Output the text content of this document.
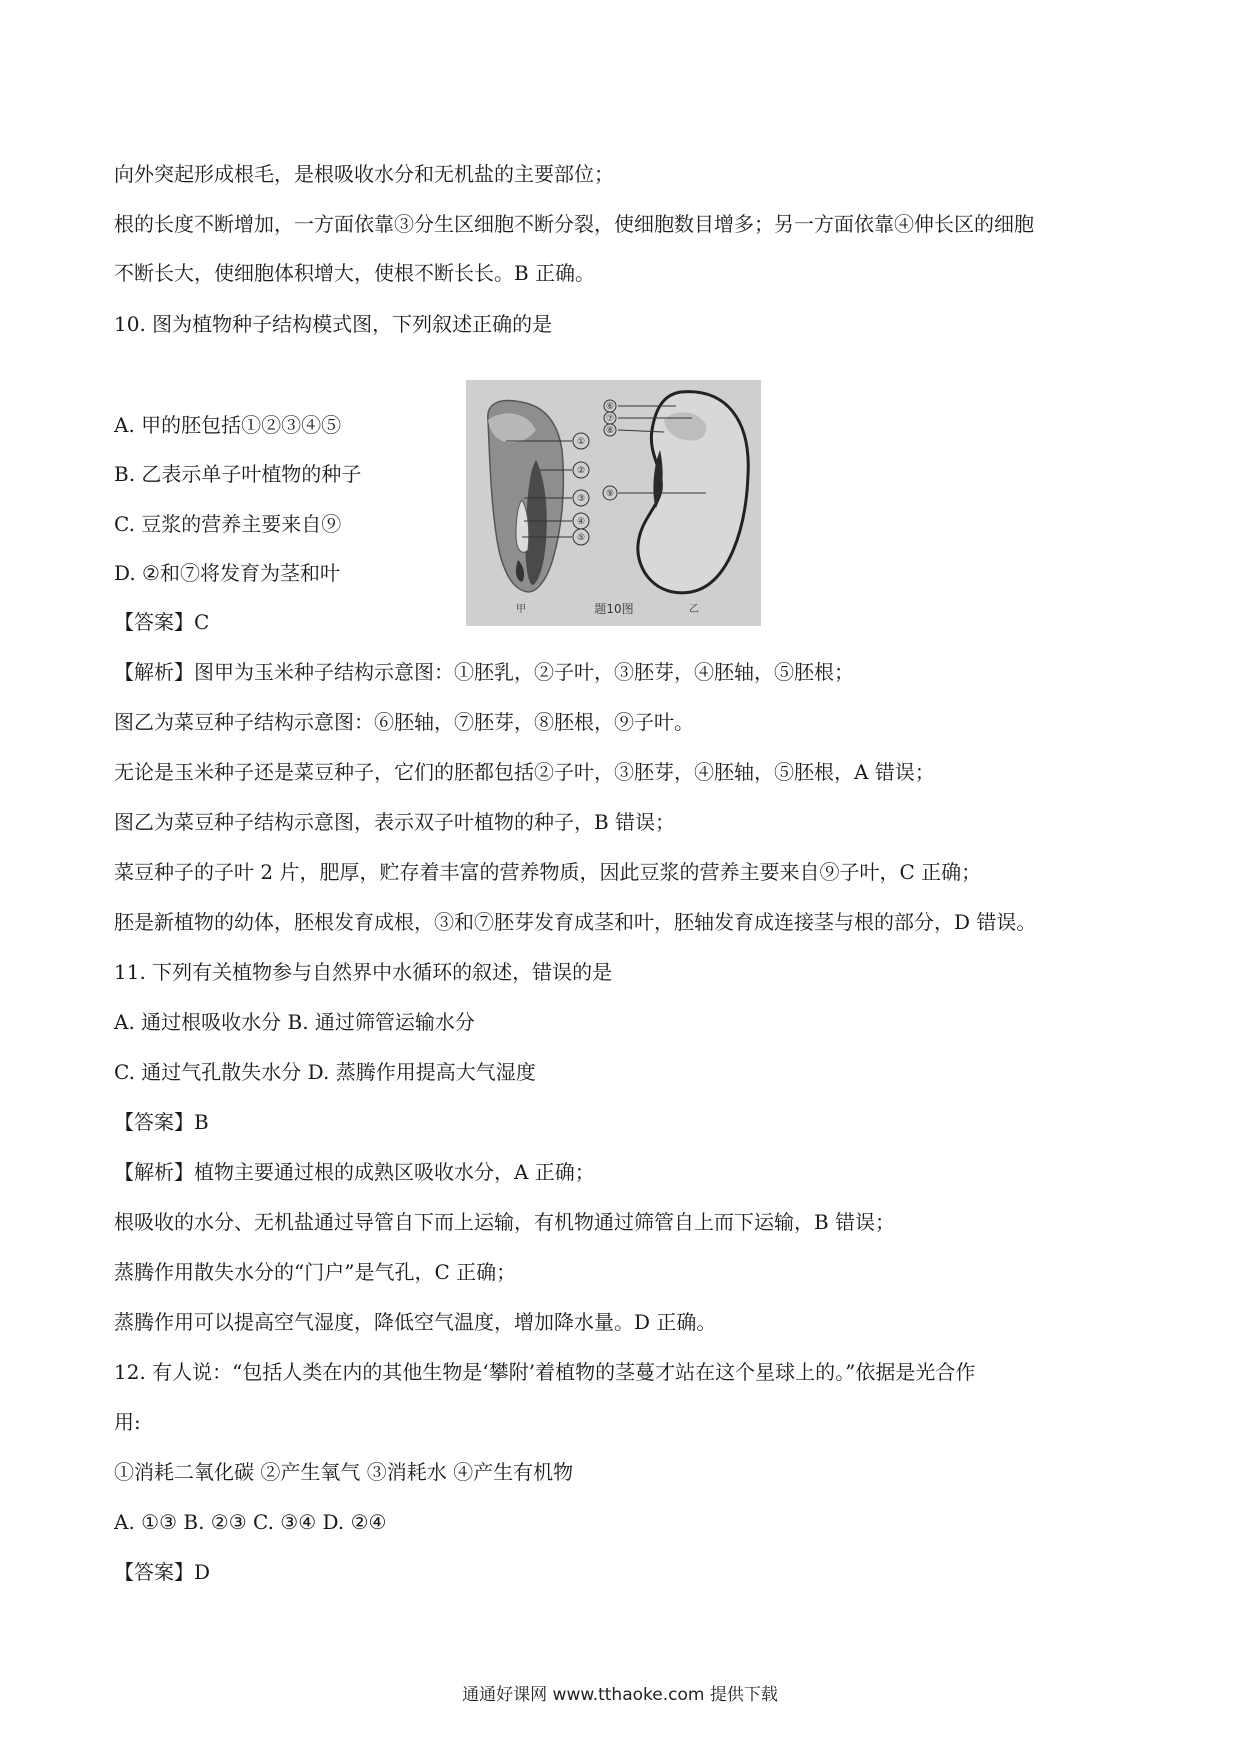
向外突起形成根毛，是根吸收水分和无机盐的主要部位；
根的长度不断增加，一方面依靠③分生区细胞不断分裂，使细胞数目增多；另一方面依靠④伸长区的细胞
不断长大，使细胞体积增大，使根不断长长。B 正确。
10. 图为植物种子结构模式图，下列叙述正确的是
A. 甲的胚包括①②③④⑤
B. 乙表示单子叶植物的种子
C. 豆浆的营养主要来自⑨
D. ②和⑦将发育为茎和叶
①
②
③
④
⑤
甲
⑥
⑦
⑧
⑨
乙
题10图
【答案】C
【解析】图甲为玉米种子结构示意图：①胚乳，②子叶，③胚芽，④胚轴，⑤胚根；
图乙为菜豆种子结构示意图：⑥胚轴，⑦胚芽，⑧胚根，⑨子叶。
无论是玉米种子还是菜豆种子，它们的胚都包括②子叶，③胚芽，④胚轴，⑤胚根，A 错误；
图乙为菜豆种子结构示意图，表示双子叶植物的种子，B 错误；
菜豆种子的子叶 2 片，肥厚，贮存着丰富的营养物质，因此豆浆的营养主要来自⑨子叶，C 正确；
胚是新植物的幼体，胚根发育成根，③和⑦胚芽发育成茎和叶，胚轴发育成连接茎与根的部分，D 错误。
11. 下列有关植物参与自然界中水循环的叙述，错误的是
A. 通过根吸收水分 B. 通过筛管运输水分
C. 通过气孔散失水分 D. 蒸腾作用提高大气湿度
【答案】B
【解析】植物主要通过根的成熟区吸收水分，A 正确；
根吸收的水分、无机盐通过导管自下而上运输，有机物通过筛管自上而下运输，B 错误；
蒸腾作用散失水分的“门户”是气孔，C 正确；
蒸腾作用可以提高空气湿度，降低空气温度，增加降水量。D 正确。
12. 有人说：“包括人类在内的其他生物是‘攀附’着植物的茎蔓才站在这个星球上的。”依据是光合作
用:
①消耗二氧化碳 ②产生氧气 ③消耗水 ④产生有机物
A. ①③ B. ②③ C. ③④ D. ②④
【答案】D
通通好课网 www.tthaoke.com 提供下载
